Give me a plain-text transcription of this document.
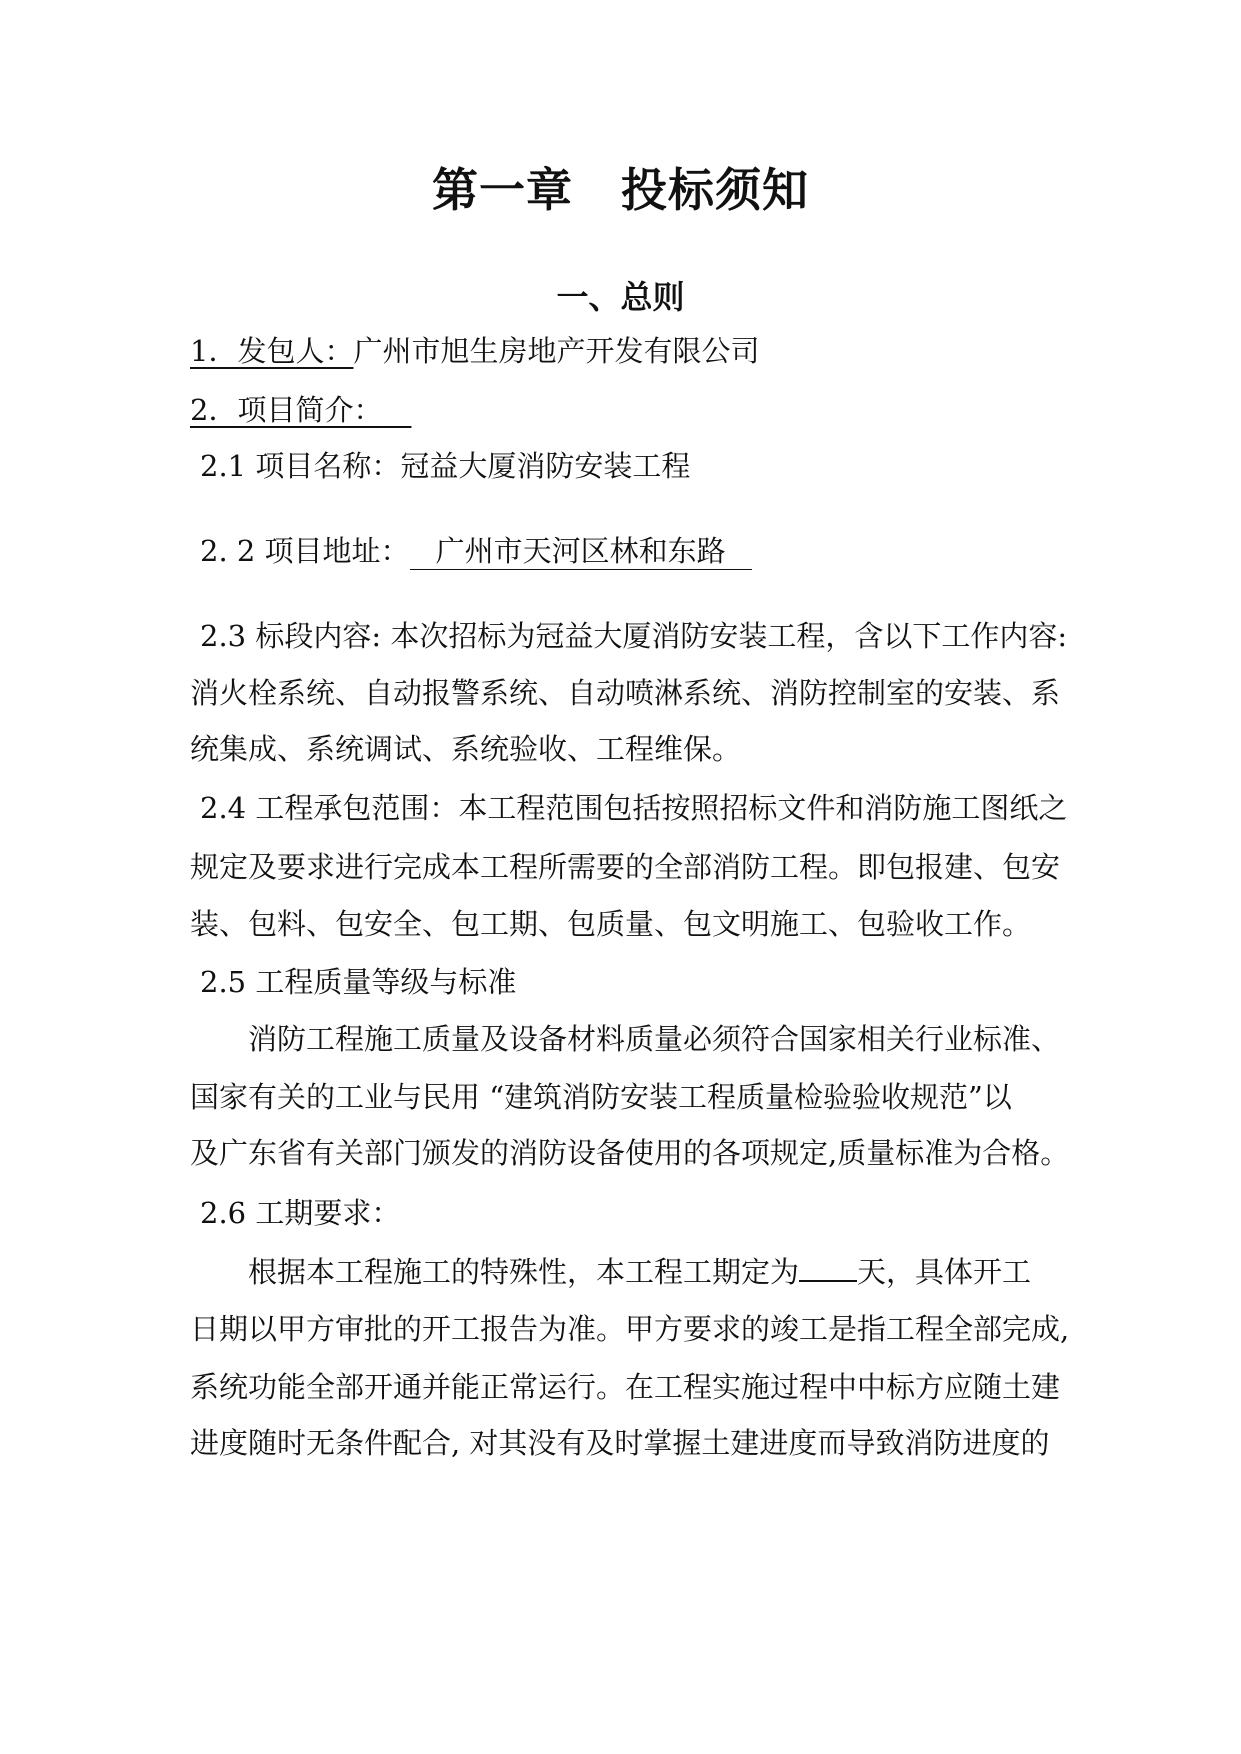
第一章 投标须知
一、总则
1．发包人：广州市旭生房地产开发有限公司
2．项目简介： 
2.1 项目名称：冠益大厦消防安装工程
2. 2 项目地址： 广州市天河区林和东路
2.3 标段内容: 本次招标为冠益大厦消防安装工程，含以下工作内容:
消火栓系统、自动报警系统、自动喷淋系统、消防控制室的安装、系
统集成、系统调试、系统验收、工程维保。
2.4 工程承包范围：本工程范围包括按照招标文件和消防施工图纸之
规定及要求进行完成本工程所需要的全部消防工程。即包报建、包安
装、包料、包安全、包工期、包质量、包文明施工、包验收工作。
2.5 工程质量等级与标准
消防工程施工质量及设备材料质量必须符合国家相关行业标准、
国家有关的工业与民用 “建筑消防安装工程质量检验验收规范”以
及广东省有关部门颁发的消防设备使用的各项规定,质量标准为合格。
2.6 工期要求：
根据本工程施工的特殊性，本工程工期定为 天，具体开工
日期以甲方审批的开工报告为准。甲方要求的竣工是指工程全部完成,
系统功能全部开通并能正常运行。在工程实施过程中中标方应随土建
进度随时无条件配合, 对其没有及时掌握土建进度而导致消防进度的
